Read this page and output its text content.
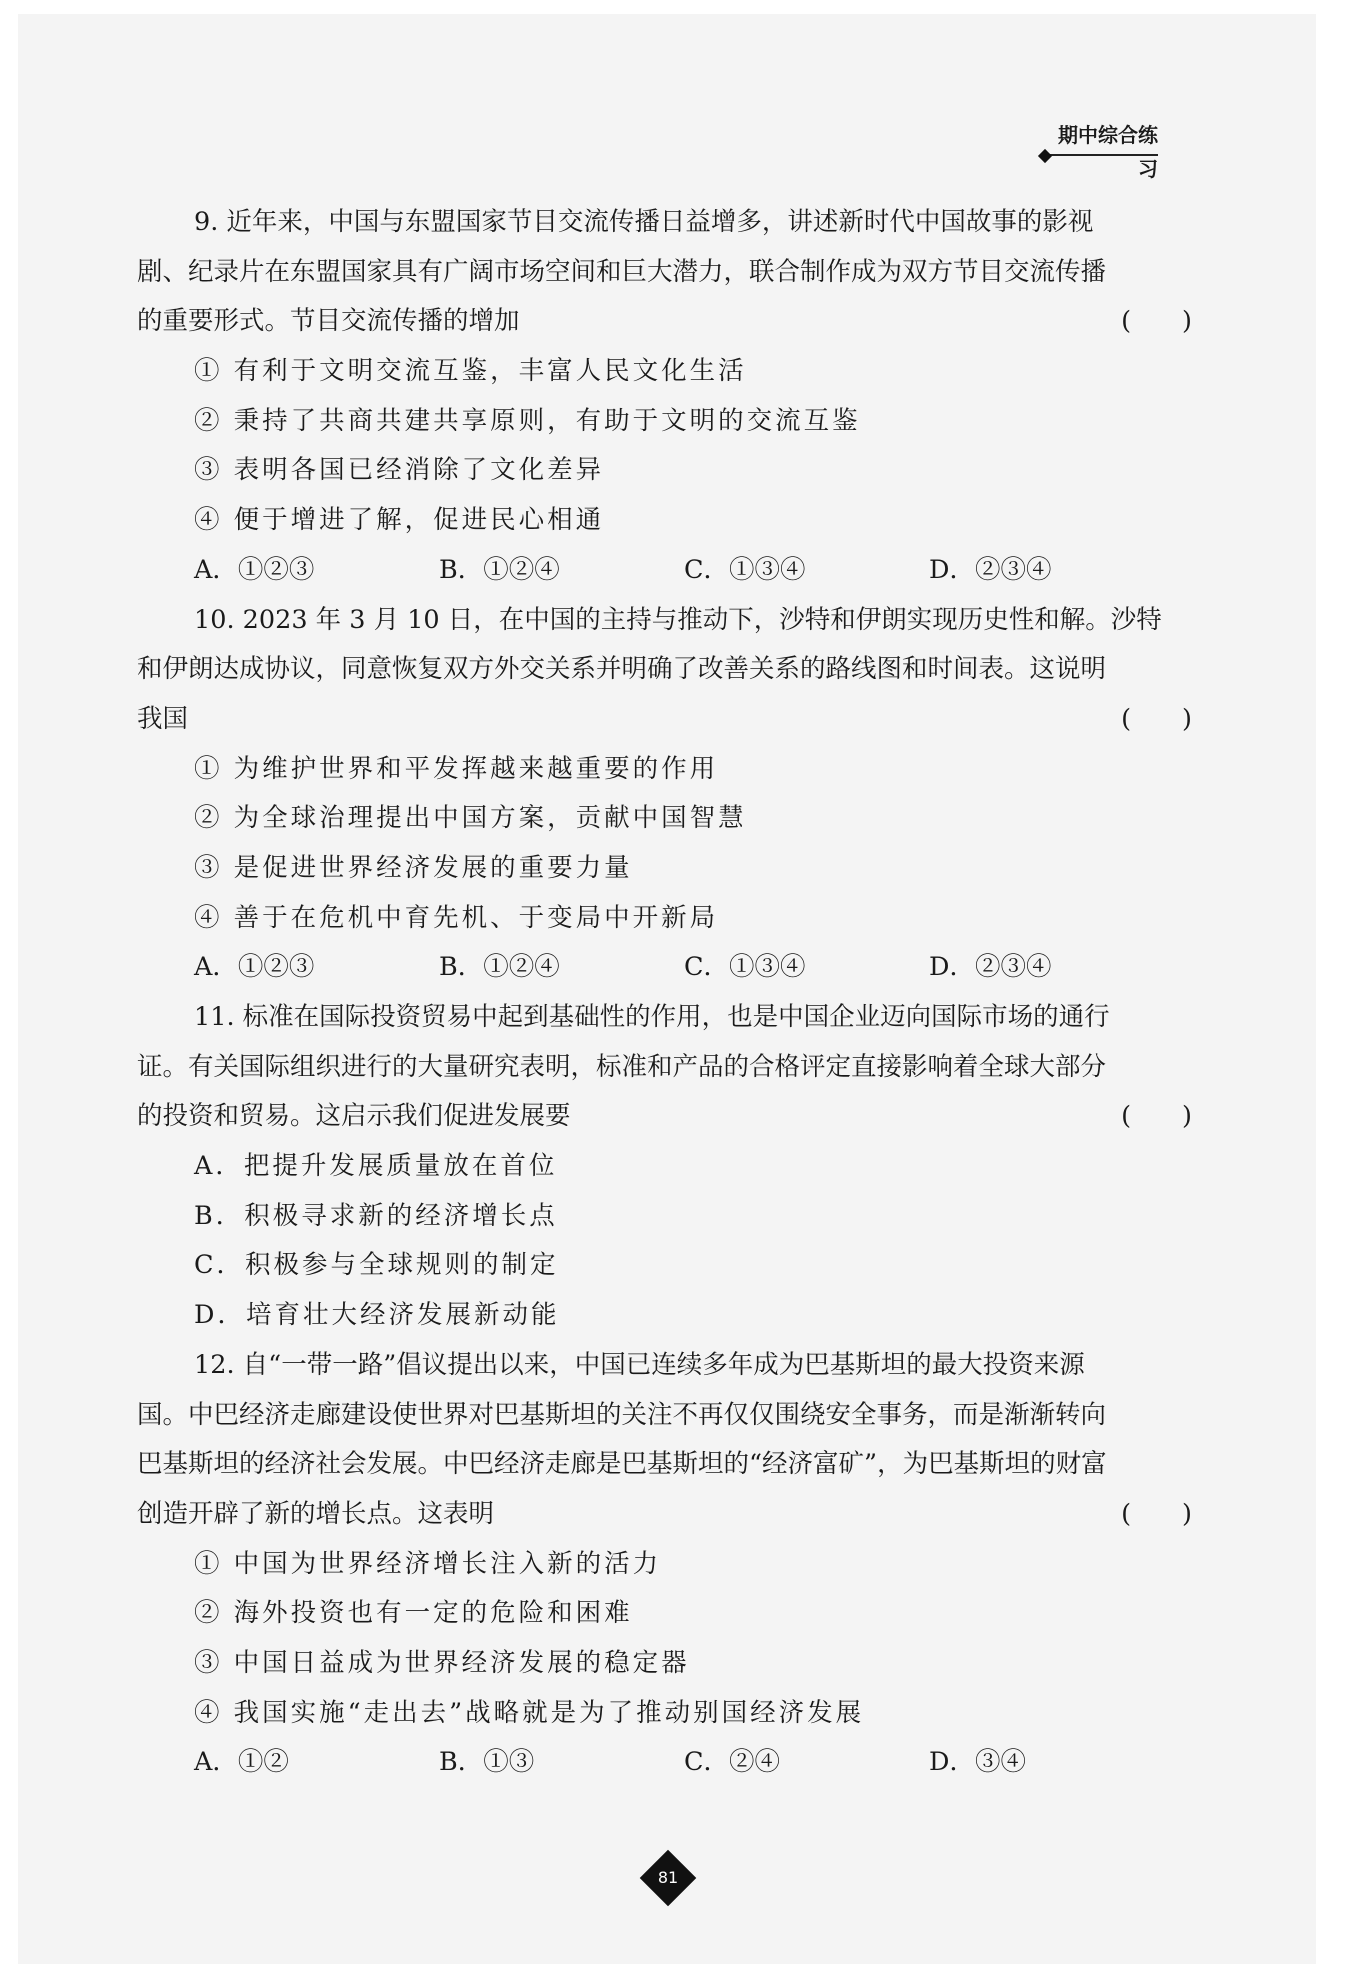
期中综合练习
9. 近年来，中国与东盟国家节目交流传播日益增多，讲述新时代中国故事的影视
剧、纪录片在东盟国家具有广阔市场空间和巨大潜力，联合制作成为双方节目交流传播
的重要形式。节目交流传播的增加	(　　)
① 有利于文明交流互鉴，丰富人民文化生活
② 秉持了共商共建共享原则，有助于文明的交流互鉴
③ 表明各国已经消除了文化差异
④ 便于增进了解，促进民心相通
A．①②③	B．①②④	C．①③④	D．②③④
10. 2023 年 3 月 10 日，在中国的主持与推动下，沙特和伊朗实现历史性和解。沙特
和伊朗达成协议，同意恢复双方外交关系并明确了改善关系的路线图和时间表。这说明
我国	(　　)
① 为维护世界和平发挥越来越重要的作用
② 为全球治理提出中国方案，贡献中国智慧
③ 是促进世界经济发展的重要力量
④ 善于在危机中育先机、于变局中开新局
A．①②③	B．①②④	C．①③④	D．②③④
11. 标准在国际投资贸易中起到基础性的作用，也是中国企业迈向国际市场的通行
证。有关国际组织进行的大量研究表明，标准和产品的合格评定直接影响着全球大部分
的投资和贸易。这启示我们促进发展要	(　　)
A．把提升发展质量放在首位
B．积极寻求新的经济增长点
C．积极参与全球规则的制定
D．培育壮大经济发展新动能
12. 自“一带一路”倡议提出以来，中国已连续多年成为巴基斯坦的最大投资来源
国。中巴经济走廊建设使世界对巴基斯坦的关注不再仅仅围绕安全事务，而是渐渐转向
巴基斯坦的经济社会发展。中巴经济走廊是巴基斯坦的“经济富矿”，为巴基斯坦的财富
创造开辟了新的增长点。这表明	(　　)
① 中国为世界经济增长注入新的活力
② 海外投资也有一定的危险和困难
③ 中国日益成为世界经济发展的稳定器
④ 我国实施“走出去”战略就是为了推动别国经济发展
A．①②	B．①③	C．②④	D．③④
81
